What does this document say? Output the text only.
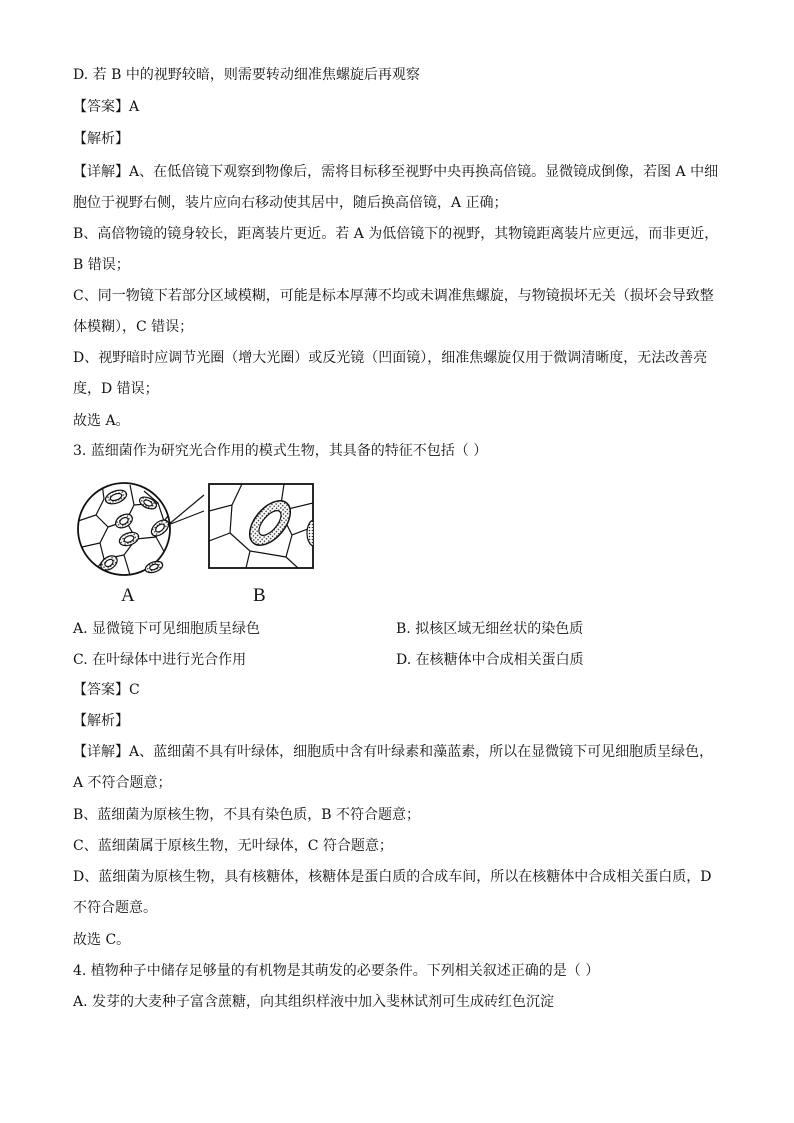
D. 若 B 中的视野较暗，则需要转动细准焦螺旋后再观察
【答案】A
【解析】
【详解】A、在低倍镜下观察到物像后，需将目标移至视野中央再换高倍镜。显微镜成倒像，若图 A 中细
胞位于视野右侧，装片应向右移动使其居中，随后换高倍镜，A 正确；
B、高倍物镜的镜身较长，距离装片更近。若 A 为低倍镜下的视野，其物镜距离装片应更远，而非更近，
B 错误；
C、同一物镜下若部分区域模糊，可能是标本厚薄不均或未调准焦螺旋，与物镜损坏无关（损坏会导致整
体模糊），C 错误；
D、视野暗时应调节光圈（增大光圈）或反光镜（凹面镜），细准焦螺旋仅用于微调清晰度，无法改善亮
度，D 错误；
故选 A。
3. 蓝细菌作为研究光合作用的模式生物，其具备的特征不包括（ ）
A	B
A. 显微镜下可见细胞质呈绿色	B. 拟核区域无细丝状的染色质
C. 在叶绿体中进行光合作用	D. 在核糖体中合成相关蛋白质
【答案】C
【解析】
【详解】A、蓝细菌不具有叶绿体，细胞质中含有叶绿素和藻蓝素，所以在显微镜下可见细胞质呈绿色，
A 不符合题意；
B、蓝细菌为原核生物，不具有染色质，B 不符合题意；
C、蓝细菌属于原核生物，无叶绿体，C 符合题意；
D、蓝细菌为原核生物，具有核糖体，核糖体是蛋白质的合成车间，所以在核糖体中合成相关蛋白质，D
不符合题意。
故选 C。
4. 植物种子中储存足够量的有机物是其萌发的必要条件。下列相关叙述正确的是（ ）
A. 发芽的大麦种子富含蔗糖，向其组织样液中加入斐林试剂可生成砖红色沉淀
